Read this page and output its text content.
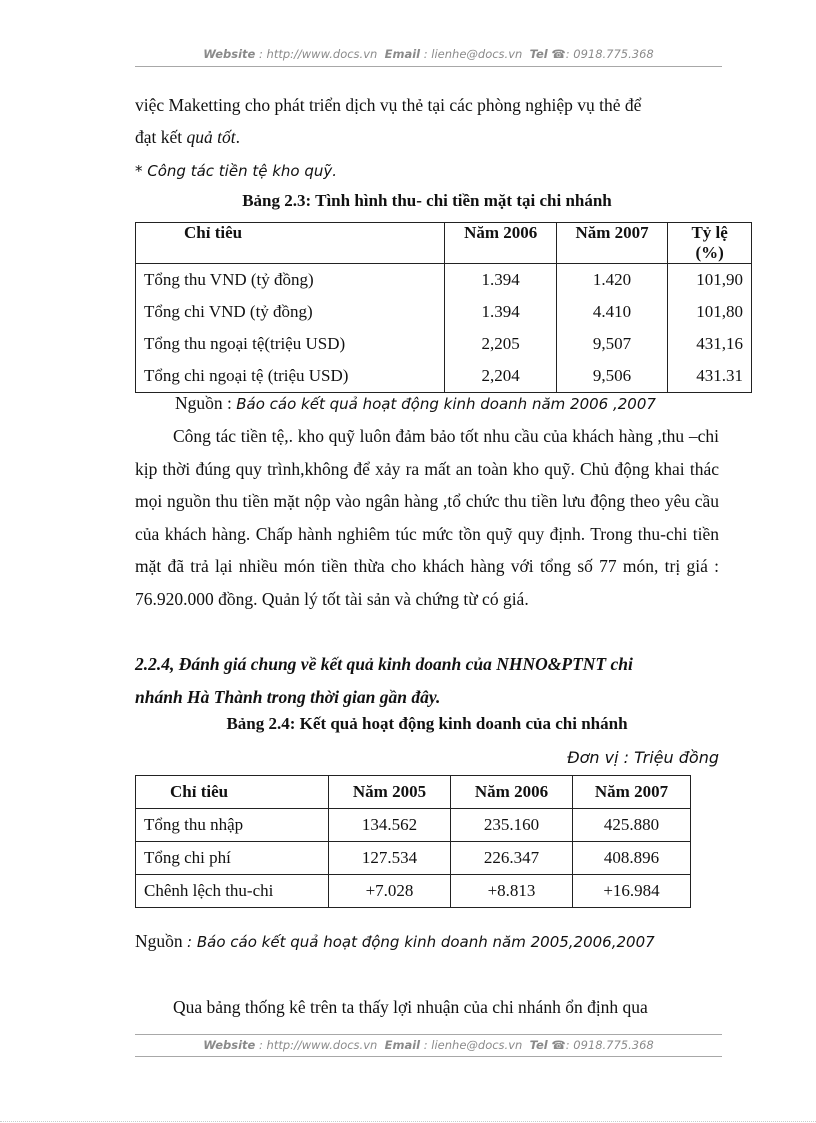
Website : http://www.docs.vn Email : lienhe@docs.vn Tel ☎: 0918.775.368

việc Maketting cho phát triển dịch vụ thẻ tại các phòng nghiệp vụ thẻ để

đạt kết quả tốt.

* Công tác tiền tệ kho quỹ.

Bảng 2.3: Tình hình thu- chi tiền mặt tại chi nhánh

Chỉ tiêu	Năm 2006	Năm 2007	Tỷ lệ (%)
Tổng thu VND (tỷ đồng)	1.394	1.420	101,90
Tổng chi VND (tỷ đồng)	1.394	4.410	101,80
Tổng thu ngoại tệ(triệu USD)	2,205	9,507	431,16
Tổng chi ngoại tệ (triệu USD)	2,204	9,506	431.31

Nguồn : Báo cáo kết quả hoạt động kinh doanh năm 2006 ,2007

Công tác tiền tệ,. kho quỹ luôn đảm bảo tốt nhu cầu của khách hàng ,thu –chi kịp thời đúng quy trình,không để xảy ra mất an toàn kho quỹ. Chủ động khai thác mọi nguồn thu tiền mặt nộp vào ngân hàng ,tổ chức thu tiền lưu động theo yêu cầu của khách hàng. Chấp hành nghiêm túc mức tồn quỹ quy định. Trong thu-chi tiền mặt đã trả lại nhiều món tiền thừa cho khách hàng với tổng số 77 món, trị giá : 76.920.000 đồng. Quản lý tốt tài sản và chứng từ có giá.

2.2.4, Đánh giá chung về kết quả kinh doanh của NHNO&PTNT chi
nhánh Hà Thành trong thời gian gần đây.

Bảng 2.4: Kết quả hoạt động kinh doanh của chi nhánh

Đơn vị : Triệu đồng

Chỉ tiêu	Năm 2005	Năm 2006	Năm 2007
Tổng thu nhập	134.562	235.160	425.880
Tổng chi phí	127.534	226.347	408.896
Chênh lệch thu-chi	+7.028	+8.813	+16.984

Nguồn : Báo cáo kết quả hoạt động kinh doanh năm 2005,2006,2007

Qua bảng thống kê trên ta thấy lợi nhuận của chi nhánh ổn định qua

Website : http://www.docs.vn Email : lienhe@docs.vn Tel ☎: 0918.775.368
